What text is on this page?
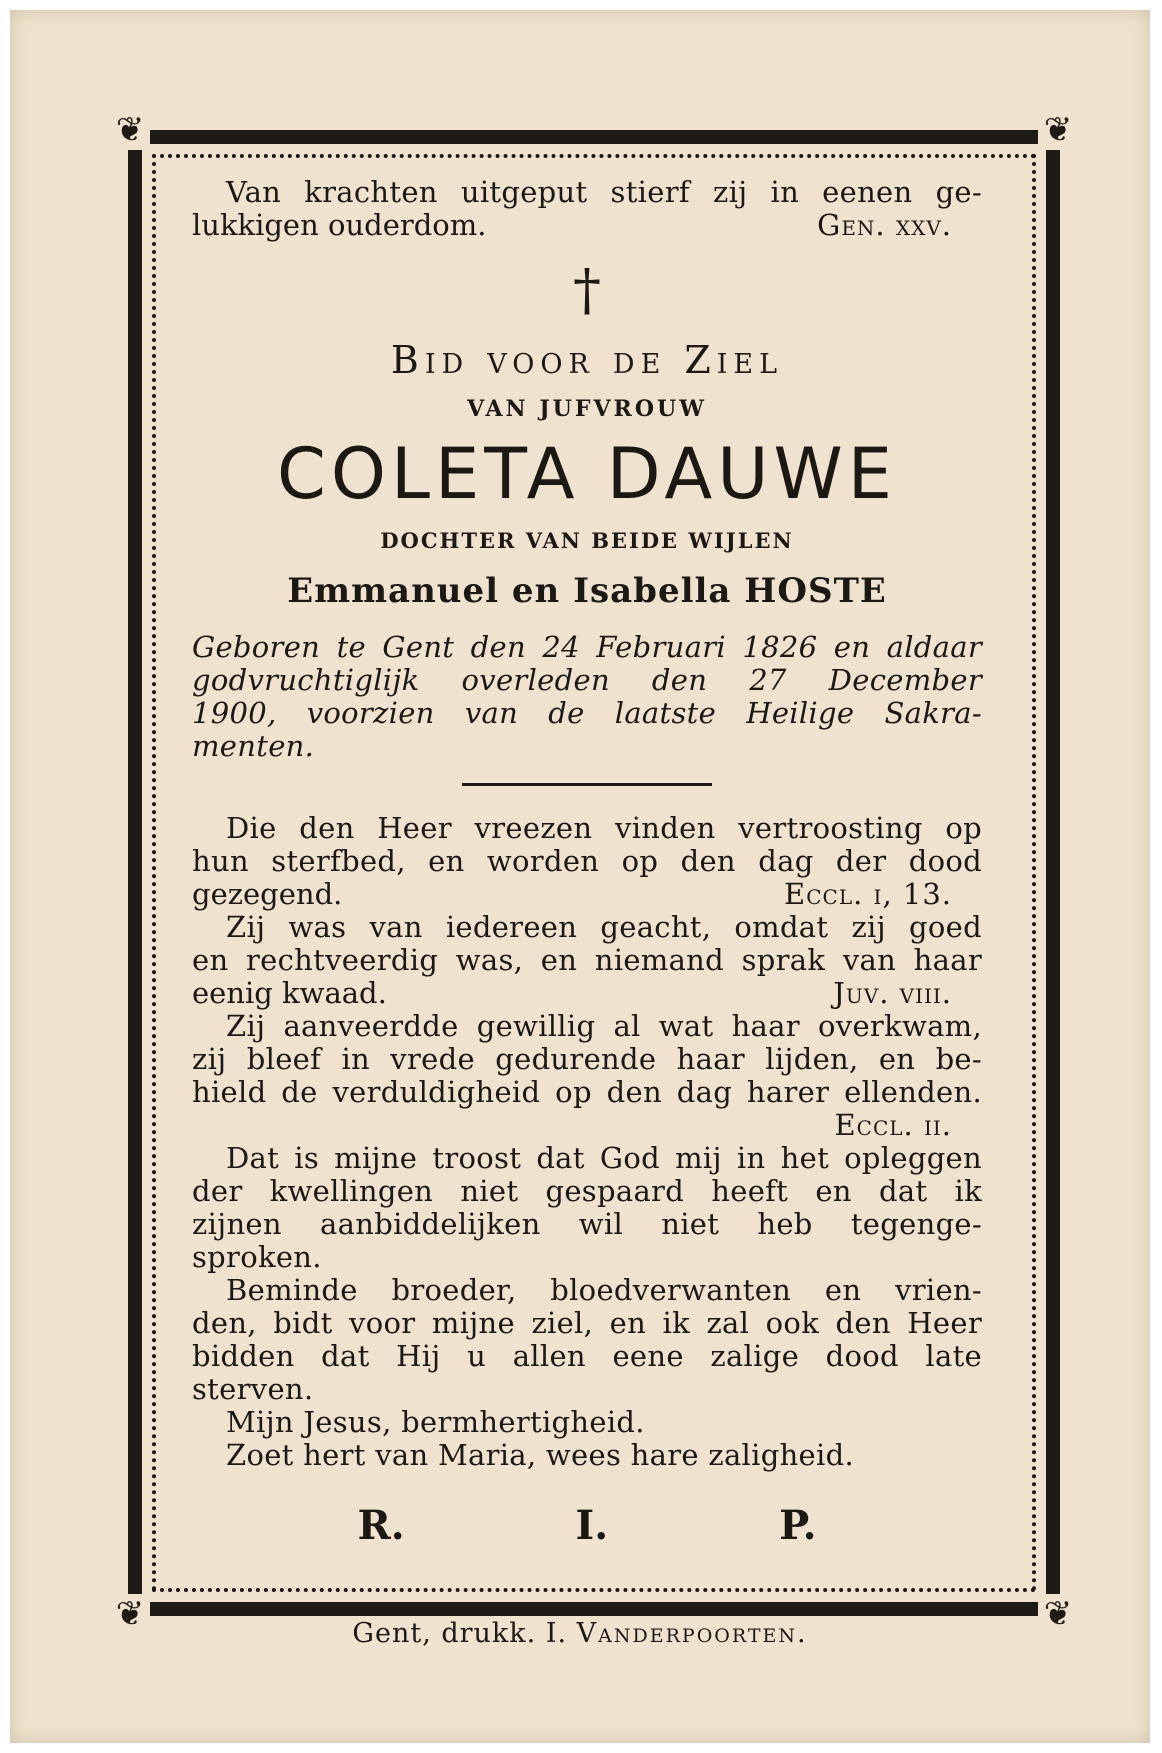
❦	❦
❦	❦
Van krachten uitgeput stierf zij in eenen ge-
lukkigen ouderdom.	Gen. xxv.
†
Bid voor de Ziel
VAN JUFVROUW
COLETA DAUWE
DOCHTER VAN BEIDE WIJLEN
Emmanuel en Isabella HOSTE
Geboren te Gent den 24 Februari 1826 en aldaar
godvruchtiglijk overleden den 27 December
1900, voorzien van de laatste Heilige Sakra-
menten.
Die den Heer vreezen vinden vertroosting op
hun sterfbed, en worden op den dag der dood
gezegend.	Eccl. i, 13.
Zij was van iedereen geacht, omdat zij goed
en rechtveerdig was, en niemand sprak van haar
eenig kwaad.	Juv. viii.
Zij aanveerdde gewillig al wat haar overkwam,
zij bleef in vrede gedurende haar lijden, en be-
hield de verduldigheid op den dag harer ellenden.
Eccl. ii.
Dat is mijne troost dat God mij in het opleggen
der kwellingen niet gespaard heeft en dat ik
zijnen aanbiddelijken wil niet heb tegenge-
sproken.
Beminde broeder, bloedverwanten en vrien-
den, bidt voor mijne ziel, en ik zal ook den Heer
bidden dat Hij u allen eene zalige dood late
sterven.
Mijn Jesus, bermhertigheid.
Zoet hert van Maria, wees hare zaligheid.
R.	I.	P.
Gent, drukk. I. Vanderpoorten.
